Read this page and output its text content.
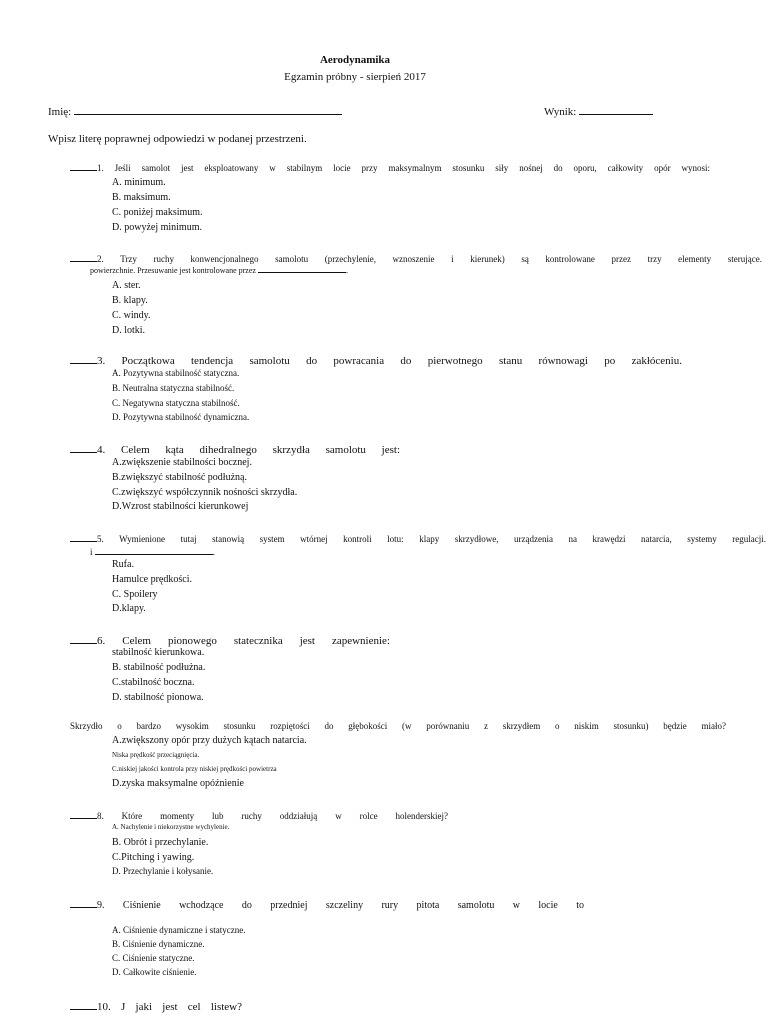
Aerodynamika
Egzamin próbny - sierpień 2017
Imię:	Wynik:
Wpisz literę poprawnej odpowiedzi w podanej przestrzeni.
1. Jeśli samolot jest eksploatowany w stabilnym locie przy maksymalnym stosunku siły nośnej do oporu, całkowity opór wynosi:
A. minimum.
B. maksimum.
C. poniżej maksimum.
D. powyżej minimum.
2. Trzy ruchy konwencjonalnego samolotu (przechylenie, wznoszenie i kierunek) są kontrolowane przez trzy elementy sterujące.
powierzchnie. Przesuwanie jest kontrolowane przez	.
A. ster.
B. klapy.
C. windy.
D. lotki.
3. Początkowa tendencja samolotu do powracania do pierwotnego stanu równowagi po zakłóceniu.
A. Pozytywna stabilność statyczna.
B. Neutralna statyczna stabilność.
C. Negatywna statyczna stabilność.
D. Pozytywna stabilność dynamiczna.
4. Celem kąta dihedralnego skrzydła samolotu jest:
A.zwiększenie stabilności bocznej.
B.zwiększyć stabilność podłużną.
C.zwiększyć współczynnik nośności skrzydła.
D.Wzrost stabilności kierunkowej
5. Wymienione tutaj stanowią system wtórnej kontroli lotu: klapy skrzydłowe, urządzenia na krawędzi natarcia, systemy regulacji.
i	.
Rufa.
Hamulce prędkości.
C. Spoilery
D.klapy.
6. Celem pionowego statecznika jest zapewnienie:
stabilność kierunkowa.
B. stabilność podłużna.
C.stabilność boczna.
D. stabilność pionowa.
Skrzydło o bardzo wysokim stosunku rozpiętości do głębokości (w porównaniu z skrzydłem o niskim stosunku) będzie miało?
A.zwiększony opór przy dużych kątach natarcia.
Niska prędkość przeciągnięcia.
C.niskiej jakości kontrola przy niskiej prędkości powietrza
D.zyska maksymalne opóźnienie
8. Które momenty lub ruchy oddziałują w rolce holenderskiej?
A. Nachylenie i niekorzystne wychylenie.
B. Obrót i przechylanie.
C.Pitching i yawing.
D. Przechylanie i kołysanie.
9. Ciśnienie wchodzące do przedniej szczeliny rury pitota samolotu w locie to
A. Ciśnienie dynamiczne i statyczne.
B. Ciśnienie dynamiczne.
C. Ciśnienie statyczne.
D. Całkowite ciśnienie.
10. J jaki jest cel listew?
